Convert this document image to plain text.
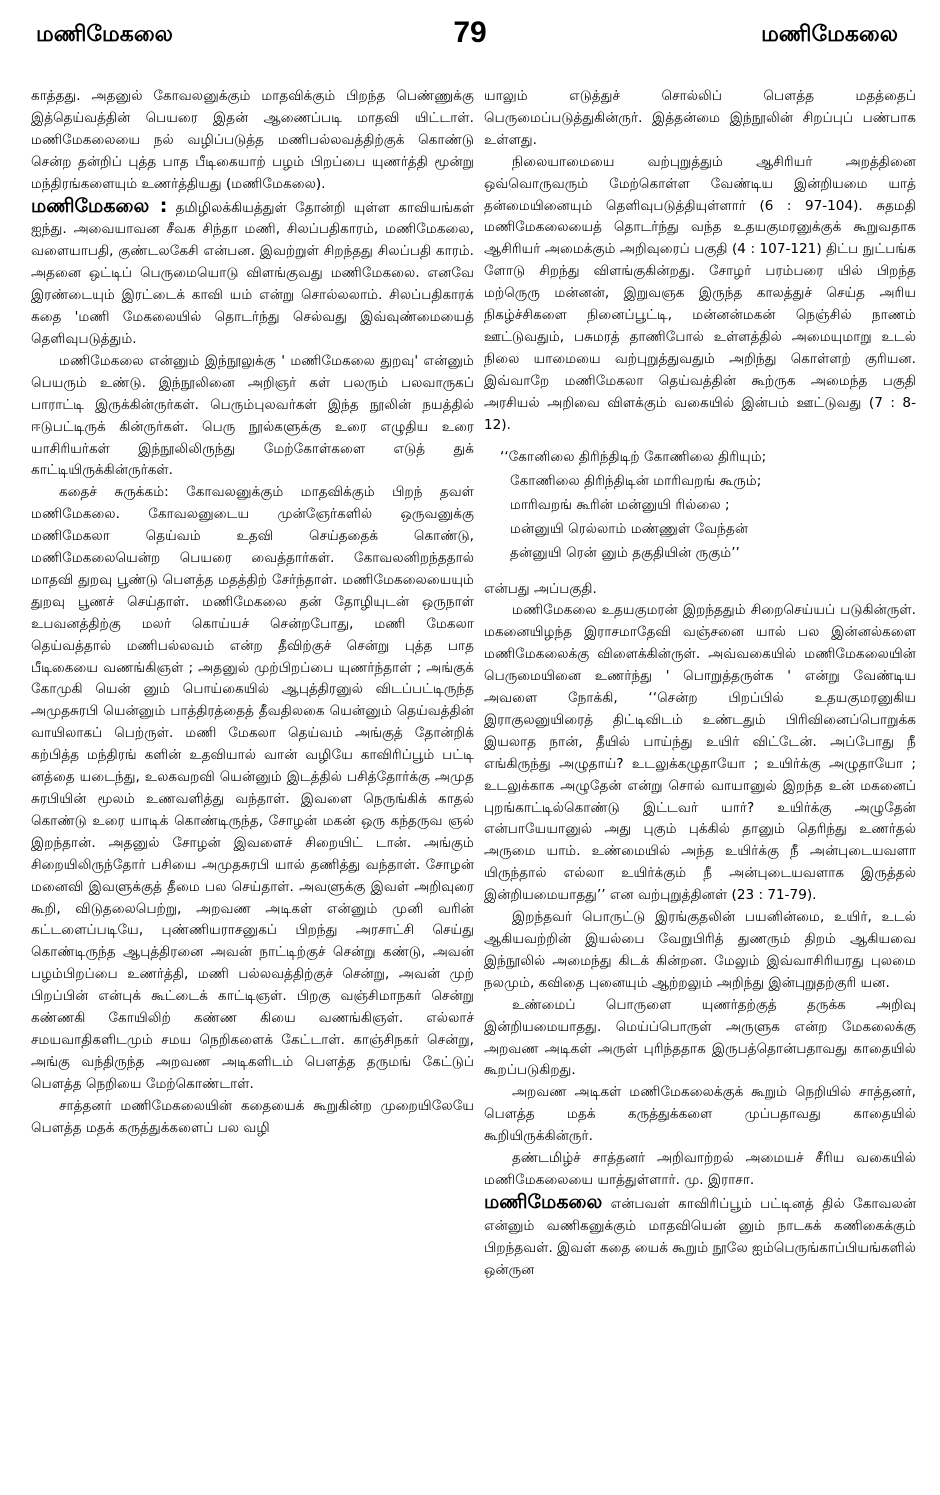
மணிமேகலை	79	மணிமேகலை

காத்தது. அதனுல் கோவலனுக்கும் மாதவிக்கும் பிறந்த பெண்ணுக்கு இத்தெய்வத்தின் பெயரை இதன் ஆணைப்படி மாதவி யிட்டாள். மணிமேகலையை நல் வழிப்படுத்த மணிபல்லவத்திற்குக் கொண்டு சென்ற தன்றிப் புத்த பாத பீடிகையாற் பழம் பிறப்பை யுணர்த்தி மூன்று மந்திரங்களையும் உணர்த்தியது (மணிமேகலை).

மணிமேகலை : தமிழிலக்கியத்துள் தோன்றி யுள்ள காவியங்கள் ஐந்து. அவையாவன சீவக சிந்தா மணி, சிலப்பதிகாரம், மணிமேகலை, வளையாபதி, குண்டலகேசி என்பன. இவற்றுள் சிறந்தது சிலப்பதி காரம். அதனை ஒட்டிப் பெருமையொடு விளங்குவது மணிமேகலை. எனவே இரண்டையும் இரட்டைக் காவி யம் என்று சொல்லலாம். சிலப்பதிகாரக் கதை 'மணி மேகலையில் தொடர்ந்து செல்வது இவ்வுண்மையைத் தெளிவுபடுத்தும்.

மணிமேகலை என்னும் இந்நூலுக்கு ' மணிமேகலை துறவு' என்னும் பெயரும் உண்டு. இந்நூலினை அறிஞர் கள் பலரும் பலவாருகப் பாராட்டி இருக்கின்ருர்கள். பெரும்புலவர்கள் இந்த நூலின் நயத்தில் ஈடுபட்டிருக் கின்ருர்கள். பெரு நூல்களுக்கு உரை எழுதிய உரை யாசிரியர்கள் இந்நூலிலிருந்து மேற்கோள்களை எடுத் துக் காட்டியிருக்கின்ருர்கள்.

கதைச் சுருக்கம்: கோவலனுக்கும் மாதவிக்கும் பிறந் தவள் மணிமேகலை. கோவலனுடைய முன்ஞேர்களில் ஒருவனுக்கு மணிமேகலா தெய்வம் உதவி செய்ததைக் கொண்டு, மணிமேகலையென்ற பெயரை வைத்தார்கள். கோவலனிறந்ததால் மாதவி துறவு பூண்டு பௌத்த மதத்திற் சேர்ந்தாள். மணிமேகலையையும் துறவு பூணச் செய்தாள். மணிமேகலை தன் தோழியுடன் ஒருநாள் உபவனத்திற்கு மலர் கொய்யச் சென்றபோது, மணி மேகலா தெய்வத்தால் மணிபல்லவம் என்ற தீவிற்குச் சென்று புத்த பாத பீடிகையை வணங்கிஞள் ; அதனுல் முற்பிறப்பை யுணர்ந்தாள் ; அங்குக் கோமுகி யென் னும் பொய்கையில் ஆபுத்திரனுல் விடப்பட்டிருந்த அமுதசுரபி யென்னும் பாத்திரத்தைத் தீவதிலகை யென்னும் தெய்வத்தின் வாயிலாகப் பெற்ருள். மணி மேகலா தெய்வம் அங்குத் தோன்றிக் கற்பித்த மந்திரங் களின் உதவியால் வான் வழியே காவிரிப்பூம் பட்டி னத்தை யடைந்து, உலகவறவி யென்னும் இடத்தில் பசித்தோர்க்கு அமுத சுரபியின் மூலம் உணவளித்து வந்தாள். இவளை நெருங்கிக் காதல் கொண்டு உரை யாடிக் கொண்டிருந்த, சோழன் மகன் ஒரு கந்தருவ ஞல் இறந்தான். அதனுல் சோழன் இவளைச் சிறையிட் டான். அங்கும் சிறையிலிருந்தோர் பசியை அமுதசுரபி யால் தணித்து வந்தாள். சோழன் மனைவி இவளுக்குத் தீமை பல செய்தாள். அவளுக்கு இவள் அறிவுரை கூறி, விடுதலைபெற்று, அறவண அடிகள் என்னும் முனி வரின் கட்டளைப்படியே, புண்ணியராசனுகப் பிறந்து அரசாட்சி செய்து கொண்டிருந்த ஆபுத்திரனை அவன் நாட்டிற்குச் சென்று கண்டு, அவன் பழம்பிறப்பை உணர்த்தி, மணி பல்லவத்திற்குச் சென்று, அவன் முற் பிறப்பின் என்புக் கூட்டைக் காட்டிஞள். பிறகு வஞ்சிமாநகர் சென்று கண்ணகி கோயிலிற் கண்ண கியை வணங்கிஞள். எல்லாச் சமயவாதிகளிடமும் சமய நெறிகளைக் கேட்டாள். காஞ்சிநகர் சென்று, அங்கு வந்திருந்த அறவண அடிகளிடம் பௌத்த தருமங் கேட்டுப் பௌத்த நெறியை மேற்கொண்டாள்.

சாத்தனர் மணிமேகலையின் கதையைக் கூறுகின்ற முறையிலேயே பௌத்த மதக் கருத்துக்களைப் பல வழி

யாலும் எடுத்துச் சொல்லிப் பௌத்த மதத்தைப் பெருமைப்படுத்துகின்ருர். இத்தன்மை இந்நூலின் சிறப்புப் பண்பாக உள்ளது.

நிலையாமையை வற்புறுத்தும் ஆசிரியர் அறத்தினை ஒவ்வொருவரும் மேற்கொள்ள வேண்டிய இன்றியமை யாத் தன்மையினையும் தெளிவுபடுத்தியுள்ளார் (6 : 97-104). சுதமதி மணிமேகலையைத் தொடர்ந்து வந்த உதயகுமரனுக்குக் கூறுவதாக ஆசிரியர் அமைக்கும் அறிவுரைப் பகுதி (4 : 107-121) திட்ப நுட்பங்க ளோடு சிறந்து விளங்குகின்றது. சோழர் பரம்பரை யில் பிறந்த மற்ருெரு மன்னன், இறுவஞக இருந்த காலத்துச் செய்த அரிய நிகழ்ச்சிகளை நினைப்பூட்டி, மன்னன்மகன் நெஞ்சில் நாணம் ஊட்டுவதும், பசுமரத் தாணிபோல் உள்ளத்தில் அமையுமாறு உடல் நிலை யாமையை வற்புறுத்துவதும் அறிந்து கொள்ளற் குரியன. இவ்வாறே மணிமேகலா தெய்வத்தின் கூற்ருக அமைந்த பகுதி அரசியல் அறிவை விளக்கும் வகையில் இன்பம் ஊட்டுவது (7 : 8-12).

‘‘கோனிலை திரிந்திடிற் கோணிலை திரியும்;
கோணிலை திரிந்திடின் மாரிவறங் கூரும்;
மாரிவறங் கூரின் மன்னுயி ரில்லை ;
மன்னுயி ரெல்லாம் மண்ணுள் வேந்தன்
தன்னுயி ரென் னும் தகுதியின் ருகும்’’

என்பது அப்பகுதி.

மணிமேகலை உதயகுமரன் இறந்ததும் சிறைசெய்யப் படுகின்ருள். மகனையிழந்த இராசமாதேவி வஞ்சனை யால் பல இன்னல்களை மணிமேகலைக்கு விளைக்கின்ருள். அவ்வகையில் மணிமேகலையின் பெருமையினை உணர்ந்து ' பொறுத்தருள்க ' என்று வேண்டிய அவளை நோக்கி, ‘‘சென்ற பிறப்பில் உதயகுமரனுகிய இராகுலனுயிரைத் திட்டிவிடம் உண்டதும் பிரிவினைப்பொறுக்க இயலாத நான், தீயில் பாய்ந்து உயிர் விட்டேன். அப்போது நீ எங்கிருந்து அழுதாய்? உடலுக்கழுதாயோ ; உயிர்க்கு அழுதாயோ ; உடலுக்காக அழுதேன் என்று சொல் வாயானுல் இறந்த உன் மகனைப் புறங்காட்டில்கொண்டு இட்டவர் யார்? உயிர்க்கு அழுதேன் என்பாயேயானுல் அது புகும் புக்கில் தானும் தெரிந்து உணர்தல் அருமை யாம். உண்மையில் அந்த உயிர்க்கு நீ அன்புடையவளா யிருந்தால் எல்லா உயிர்க்கும் நீ அன்புடையவளாக இருத்தல் இன்றியமையாதது’’ என வற்புறுத்தினள் (23 : 71-79).

இறந்தவர் பொருட்டு இரங்குதலின் பயனின்மை, உயிர், உடல் ஆகியவற்றின் இயல்பை வேறுபிரித் துணரும் திறம் ஆகியவை இந்நூலில் அமைந்து கிடக் கின்றன. மேலும் இவ்வாசிரியரது புலமை நலமும், கவிதை புனையும் ஆற்றலும் அறிந்து இன்புறுதற்குரி யன.

உண்மைப் பொருளை யுணர்தற்குத் தருக்க அறிவு இன்றியமையாதது. மெய்ப்பொருள் அருளுக என்ற மேகலைக்கு அறவண அடிகள் அருள் புரிந்ததாக இருபத்தொன்பதாவது காதையில் கூறப்படுகிறது.

அறவண அடிகள் மணிமேகலைக்குக் கூறும் நெறியில் சாத்தனர், பௌத்த மதக் கருத்துக்களை முப்பதாவது காதையில் கூறியிருக்கின்ருர்.

தண்டமிழ்ச் சாத்தனர் அறிவாற்றல் அமையச் சீரிய வகையில் மணிமேகலையை யாத்துள்ளார். மு. இராசா.

மணிமேகலை என்பவள் காவிரிப்பூம் பட்டினத் தில் கோவலன் என்னும் வணிகனுக்கும் மாதவியென் னும் நாடகக் கணிகைக்கும் பிறந்தவள். இவள் கதை யைக் கூறும் நூலே ஐம்பெருங்காப்பியங்களில் ஒன்ருன
